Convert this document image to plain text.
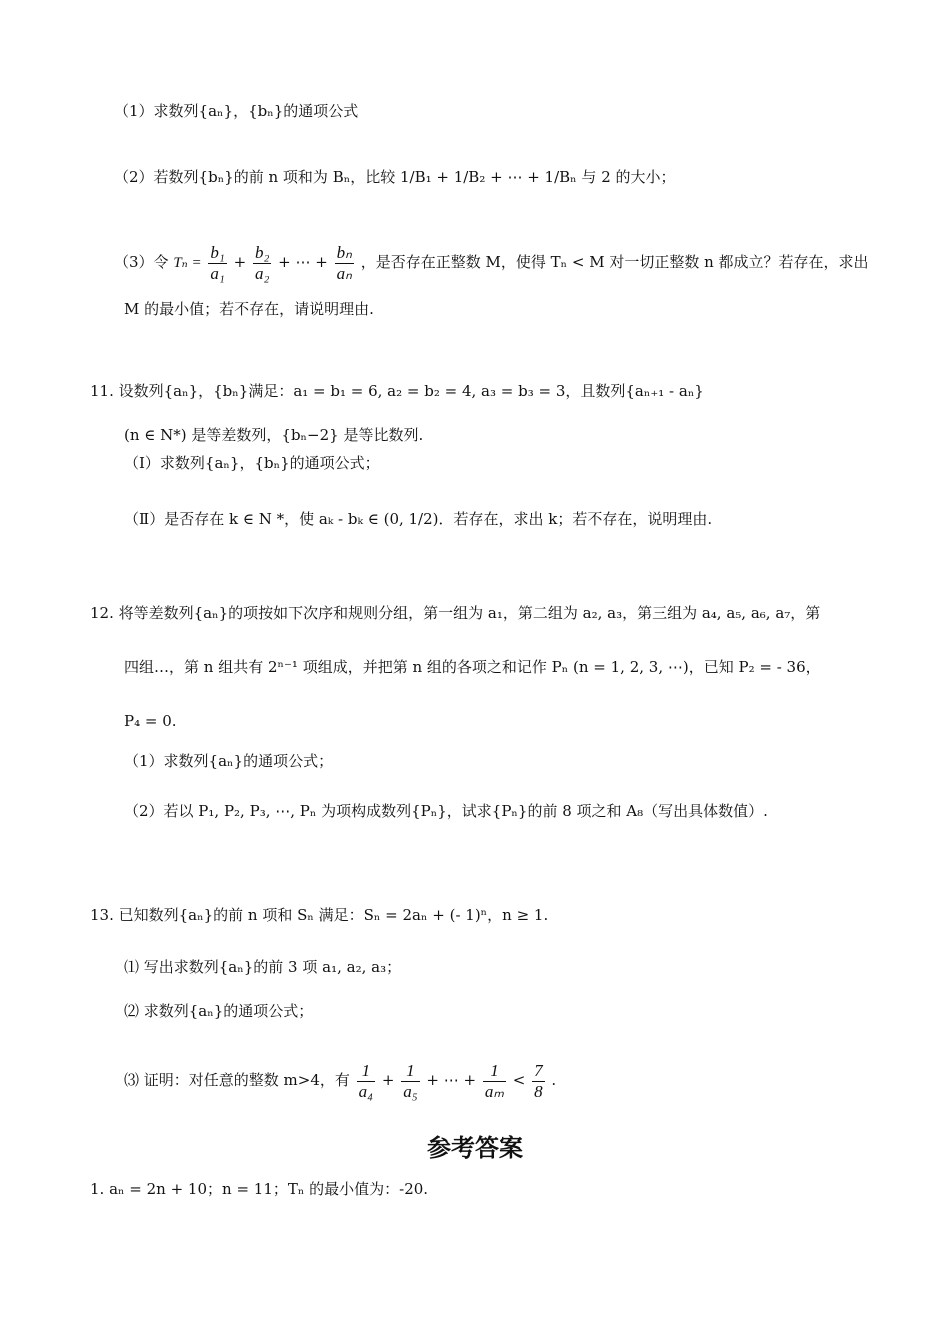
（1）求数列{aₙ}，{bₙ}的通项公式
（2）若数列{bₙ}的前 n 项和为 Bₙ，比较 1/B₁ + 1/B₂ + ⋯ + 1/Bₙ 与 2 的大小；
（3）令 $T_n = \frac{\text{b₁}}{\text{a₁}} + \frac{\text{b₂}}{\text{a₂}}$ + ⋯ + $\frac{\text{bₙ}}{\text{aₙ}}$ ，是否存在正整数 M，使得 Tₙ < M 对一切正整数 n 都成立？若存在，求出
M 的最小值；若不存在，请说明理由.
11. 设数列{aₙ}，{bₙ}满足：a₁ = b₁ = 6, a₂ = b₂ = 4, a₃ = b₃ = 3，且数列{aₙ₊₁ - aₙ}
(n ∈ N*) 是等差数列，{bₙ−2} 是等比数列.
（Ⅰ）求数列{aₙ}，{bₙ}的通项公式；
（Ⅱ）是否存在 k ∈ N *，使 aₖ - bₖ ∈ (0, 1/2)．若存在，求出 k；若不存在，说明理由.
12. 将等差数列{aₙ}的项按如下次序和规则分组，第一组为 a₁，第二组为 a₂, a₃，第三组为 a₄, a₅, a₆, a₇，第
四组…，第 n 组共有 2ⁿ⁻¹ 项组成，并把第 n 组的各项之和记作 Pₙ (n = 1, 2, 3, ⋯)，已知 P₂ = - 36，
P₄ = 0.
（1）求数列{aₙ}的通项公式；
（2）若以 P₁, P₂, P₃, ⋯, Pₙ 为项构成数列{Pₙ}，试求{Pₙ}的前 8 项之和 A₈（写出具体数值）.
13. 已知数列{aₙ}的前 n 项和 Sₙ 满足：Sₙ = 2aₙ + (- 1)ⁿ，n ≥ 1.
⑴ 写出求数列{aₙ}的前 3 项 a₁, a₂, a₃；
⑵ 求数列{aₙ}的通项公式；
⑶ 证明：对任意的整数 m>4，有 $\frac{1}{\text{a₄}} + \frac{1}{\text{a₅}}$ + ⋯ + $\frac{1}{\text{aₘ}} < \frac{7}{8}$ .
参考答案
1. aₙ = 2n + 10；n = 11；Tₙ 的最小值为：-20.
